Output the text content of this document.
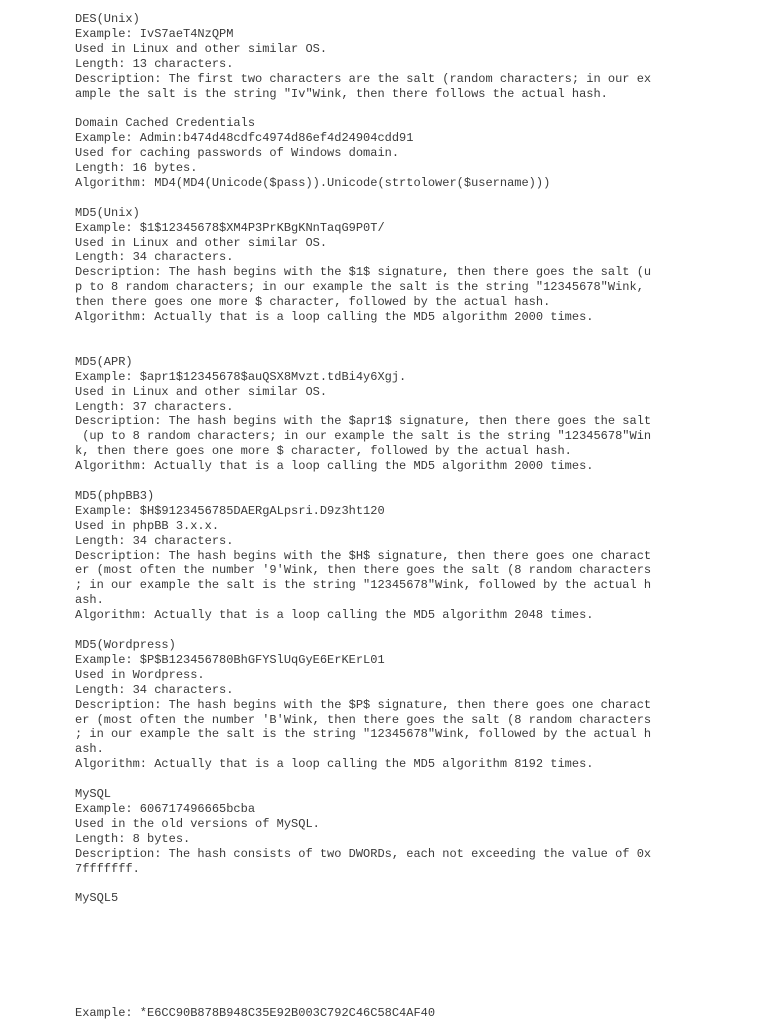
DES(Unix)
Example: IvS7aeT4NzQPM
Used in Linux and other similar OS.
Length: 13 characters.
Description: The first two characters are the salt (random characters; in our ex
ample the salt is the string "Iv"Wink, then there follows the actual hash.
Domain Cached Credentials
Example: Admin:b474d48cdfc4974d86ef4d24904cdd91
Used for caching passwords of Windows domain.
Length: 16 bytes.
Algorithm: MD4(MD4(Unicode($pass)).Unicode(strtolower($username)))
MD5(Unix)
Example: $1$12345678$XM4P3PrKBgKNnTaqG9P0T/
Used in Linux and other similar OS.
Length: 34 characters.
Description: The hash begins with the $1$ signature, then there goes the salt (u
p to 8 random characters; in our example the salt is the string "12345678"Wink,
then there goes one more $ character, followed by the actual hash.
Algorithm: Actually that is a loop calling the MD5 algorithm 2000 times.
MD5(APR)
Example: $apr1$12345678$auQSX8Mvzt.tdBi4y6Xgj.
Used in Linux and other similar OS.
Length: 37 characters.
Description: The hash begins with the $apr1$ signature, then there goes the salt
(up to 8 random characters; in our example the salt is the string "12345678"Win
k, then there goes one more $ character, followed by the actual hash.
Algorithm: Actually that is a loop calling the MD5 algorithm 2000 times.
MD5(phpBB3)
Example: $H$9123456785DAERgALpsri.D9z3ht120
Used in phpBB 3.x.x.
Length: 34 characters.
Description: The hash begins with the $H$ signature, then there goes one charact
er (most often the number '9'Wink, then there goes the salt (8 random characters
; in our example the salt is the string "12345678"Wink, followed by the actual h
ash.
Algorithm: Actually that is a loop calling the MD5 algorithm 2048 times.
MD5(Wordpress)
Example: $P$B123456780BhGFYSlUqGyE6ErKErL01
Used in Wordpress.
Length: 34 characters.
Description: The hash begins with the $P$ signature, then there goes one charact
er (most often the number 'B'Wink, then there goes the salt (8 random characters
; in our example the salt is the string "12345678"Wink, followed by the actual h
ash.
Algorithm: Actually that is a loop calling the MD5 algorithm 8192 times.
MySQL
Example: 606717496665bcba
Used in the old versions of MySQL.
Length: 8 bytes.
Description: The hash consists of two DWORDs, each not exceeding the value of 0x
7fffffff.
MySQL5
Example: *E6CC90B878B948C35E92B003C792C46C58C4AF40
